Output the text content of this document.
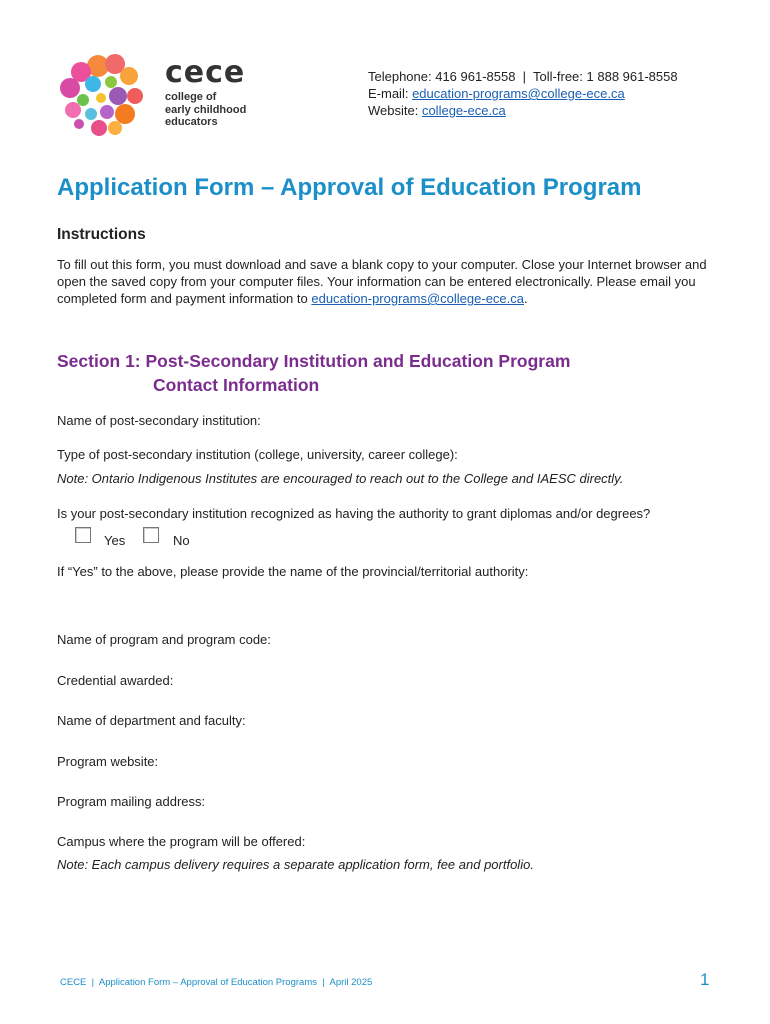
cece
college of
early childhood
educators
Telephone: 416 961-8558  |  Toll-free: 1 888 961-8558
E-mail: education-programs@college-ece.ca
Website: college-ece.ca
Application Form – Approval of Education Program
Instructions

To fill out this form, you must download and save a blank copy to your computer. Close your Internet browser and open the saved copy from your computer files. Your information can be entered electronically. Please email you completed form and payment information to education-programs@college-ece.ca.

Section 1: Post-Secondary Institution and Education Program
Contact Information
Name of post-secondary institution:
Type of post-secondary institution (college, university, career college):
Note: Ontario Indigenous Institutes are encouraged to reach out to the College and IAESC directly.
Is your post-secondary institution recognized as having the authority to grant diplomas and/or degrees?
Yes	No
If “Yes” to the above, please provide the name of the provincial/territorial authority:
Name of program and program code:
Credential awarded:
Name of department and faculty:
Program website:
Program mailing address:
Campus where the program will be offered:
Note: Each campus delivery requires a separate application form, fee and portfolio.
CECE  |  Application Form – Approval of Education Programs  |  April 2025	1
